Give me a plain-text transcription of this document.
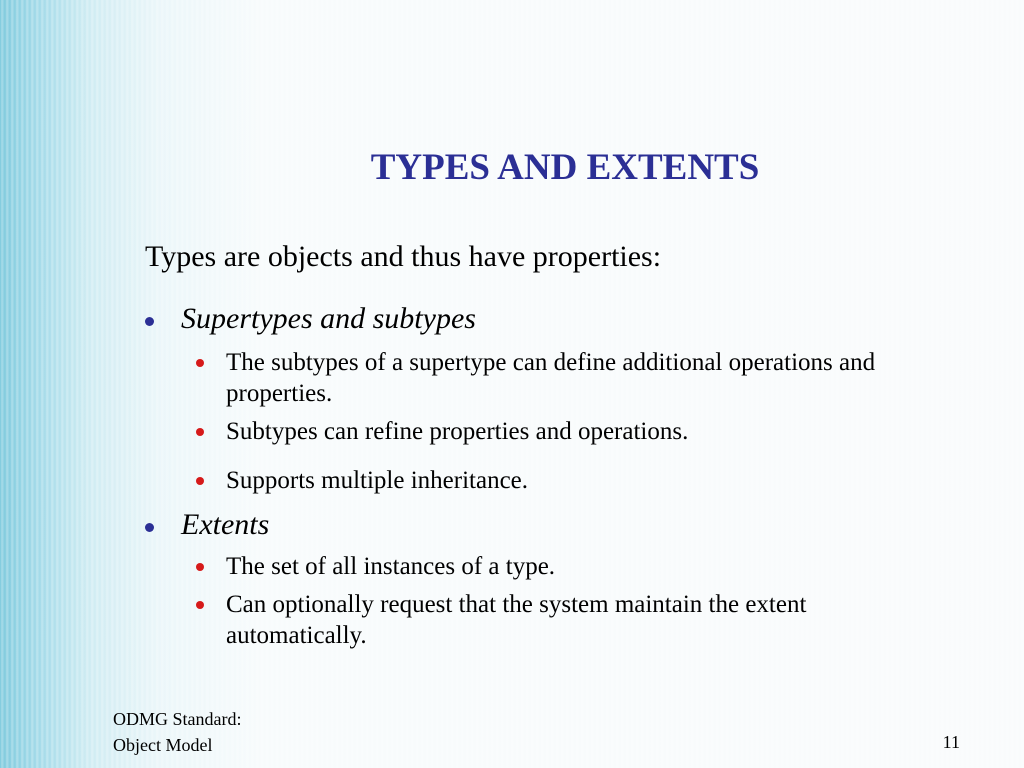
TYPES AND EXTENTS
Types are objects and thus have properties:
Supertypes and subtypes
The subtypes of a supertype can define additional operations and properties.
Subtypes can refine properties and operations.
Supports multiple inheritance.
Extents
The set of all instances of a type.
Can optionally request that the system maintain the extent automatically.
ODMG Standard:
Object Model	11
